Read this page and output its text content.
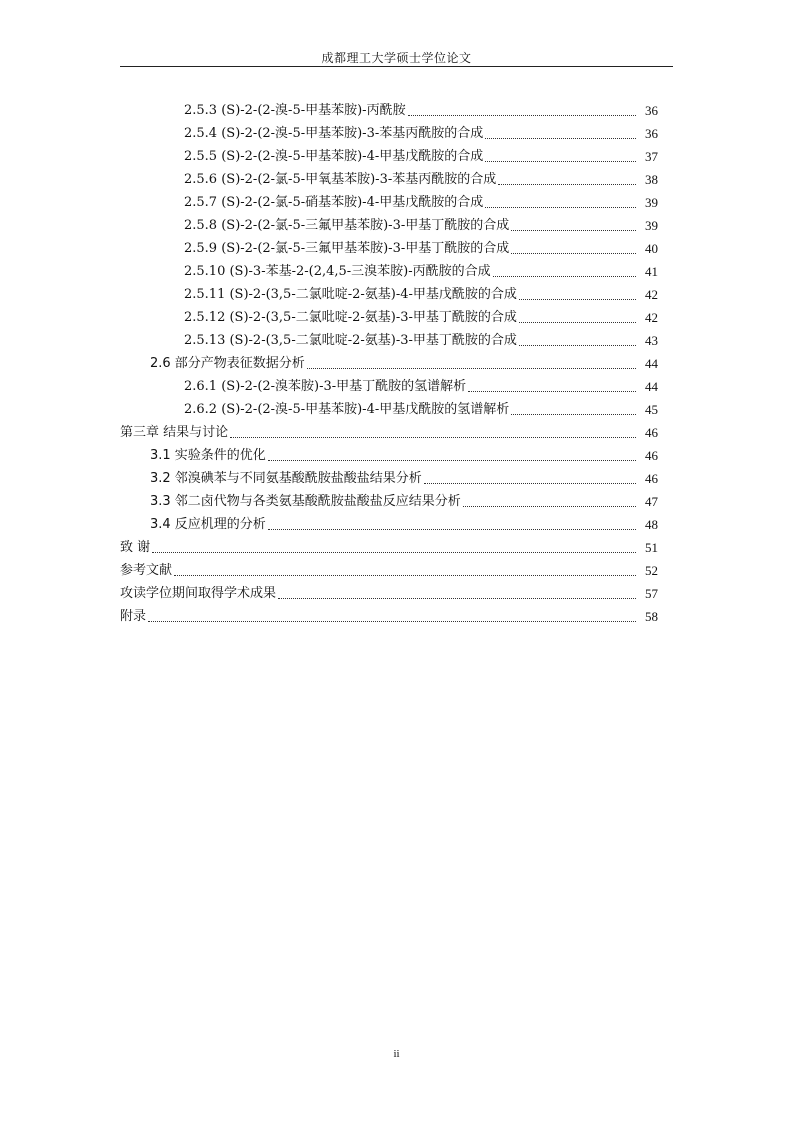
成都理工大学硕士学位论文
2.5.3 (S)-2-(2-溴-5-甲基苯胺)-丙酰胺	36
2.5.4 (S)-2-(2-溴-5-甲基苯胺)-3-苯基丙酰胺的合成	36
2.5.5 (S)-2-(2-溴-5-甲基苯胺)-4-甲基戊酰胺的合成	37
2.5.6 (S)-2-(2-氯-5-甲氧基苯胺)-3-苯基丙酰胺的合成	38
2.5.7 (S)-2-(2-氯-5-硝基苯胺)-4-甲基戊酰胺的合成	39
2.5.8 (S)-2-(2-氯-5-三氟甲基苯胺)-3-甲基丁酰胺的合成	39
2.5.9 (S)-2-(2-氯-5-三氟甲基苯胺)-3-甲基丁酰胺的合成	40
2.5.10 (S)-3-苯基-2-(2,4,5-三溴苯胺)-丙酰胺的合成	41
2.5.11 (S)-2-(3,5-二氯吡啶-2-氨基)-4-甲基戊酰胺的合成	42
2.5.12 (S)-2-(3,5-二氯吡啶-2-氨基)-3-甲基丁酰胺的合成	42
2.5.13 (S)-2-(3,5-二氯吡啶-2-氨基)-3-甲基丁酰胺的合成	43
2.6 部分产物表征数据分析	44
2.6.1 (S)-2-(2-溴苯胺)-3-甲基丁酰胺的氢谱解析	44
2.6.2 (S)-2-(2-溴-5-甲基苯胺)-4-甲基戊酰胺的氢谱解析	45
第三章 结果与讨论	46
3.1 实验条件的优化	46
3.2 邻溴碘苯与不同氨基酸酰胺盐酸盐结果分析	46
3.3 邻二卤代物与各类氨基酸酰胺盐酸盐反应结果分析	47
3.4 反应机理的分析	48
致 谢	51
参考文献	52
攻读学位期间取得学术成果	57
附录	58
ii
